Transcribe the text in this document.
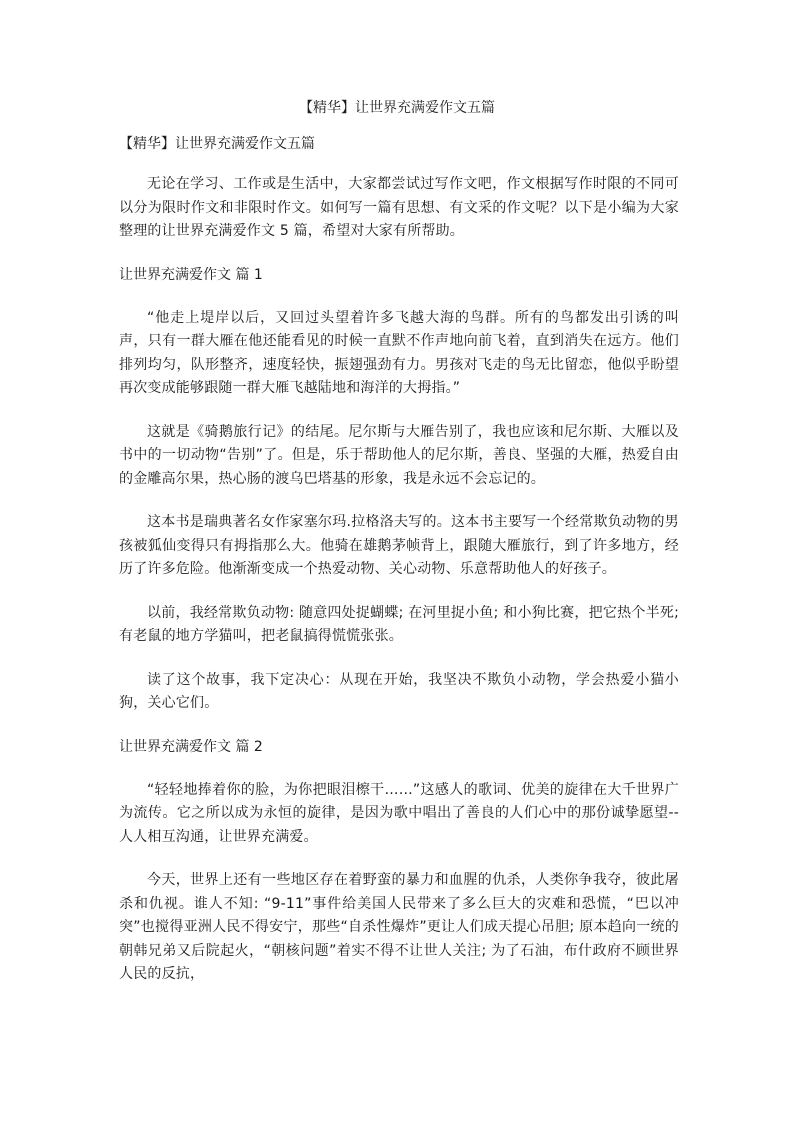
【精华】让世界充满爱作文五篇

【精华】让世界充满爱作文五篇

无论在学习、工作或是生活中，大家都尝试过写作文吧，作文根据写作时限的不同可以分为限时作文和非限时作文。如何写一篇有思想、有文采的作文呢？以下是小编为大家整理的让世界充满爱作文 5 篇，希望对大家有所帮助。

让世界充满爱作文 篇 1

“他走上堤岸以后，又回过头望着许多飞越大海的鸟群。所有的鸟都发出引诱的叫声，只有一群大雁在他还能看见的时候一直默不作声地向前飞着，直到消失在远方。他们排列均匀，队形整齐，速度轻快，振翅强劲有力。男孩对飞走的鸟无比留恋，他似乎盼望再次变成能够跟随一群大雁飞越陆地和海洋的大拇指。”

这就是《骑鹅旅行记》的结尾。尼尔斯与大雁告别了，我也应该和尼尔斯、大雁以及书中的一切动物“告别”了。但是，乐于帮助他人的尼尔斯，善良、坚强的大雁，热爱自由的金雕高尔果，热心肠的渡乌巴塔基的形象，我是永远不会忘记的。

这本书是瑞典著名女作家塞尔玛.拉格洛夫写的。这本书主要写一个经常欺负动物的男孩被狐仙变得只有拇指那么大。他骑在雄鹅茅帧背上，跟随大雁旅行，到了许多地方，经历了许多危险。他渐渐变成一个热爱动物、关心动物、乐意帮助他人的好孩子。

以前，我经常欺负动物: 随意四处捉蝴蝶; 在河里捉小鱼; 和小狗比赛，把它热个半死; 有老鼠的地方学猫叫，把老鼠搞得慌慌张张。

读了这个故事，我下定决心：从现在开始，我坚决不欺负小动物，学会热爱小猫小狗，关心它们。

让世界充满爱作文 篇 2

“轻轻地捧着你的脸，为你把眼泪檫干……”这感人的歌词、优美的旋律在大千世界广为流传。它之所以成为永恒的旋律，是因为歌中唱出了善良的人们心中的那份诚挚愿望--人人相互沟通，让世界充满爱。

今天，世界上还有一些地区存在着野蛮的暴力和血腥的仇杀，人类你争我夺，彼此屠杀和仇视。谁人不知: “9-11”事件给美国人民带来了多么巨大的灾难和恐慌，“巴以冲突”也搅得亚洲人民不得安宁，那些“自杀性爆炸”更让人们成天提心吊胆; 原本趋向一统的朝韩兄弟又后院起火，“朝核问题”着实不得不让世人关注; 为了石油，布什政府不顾世界人民的反抗，
